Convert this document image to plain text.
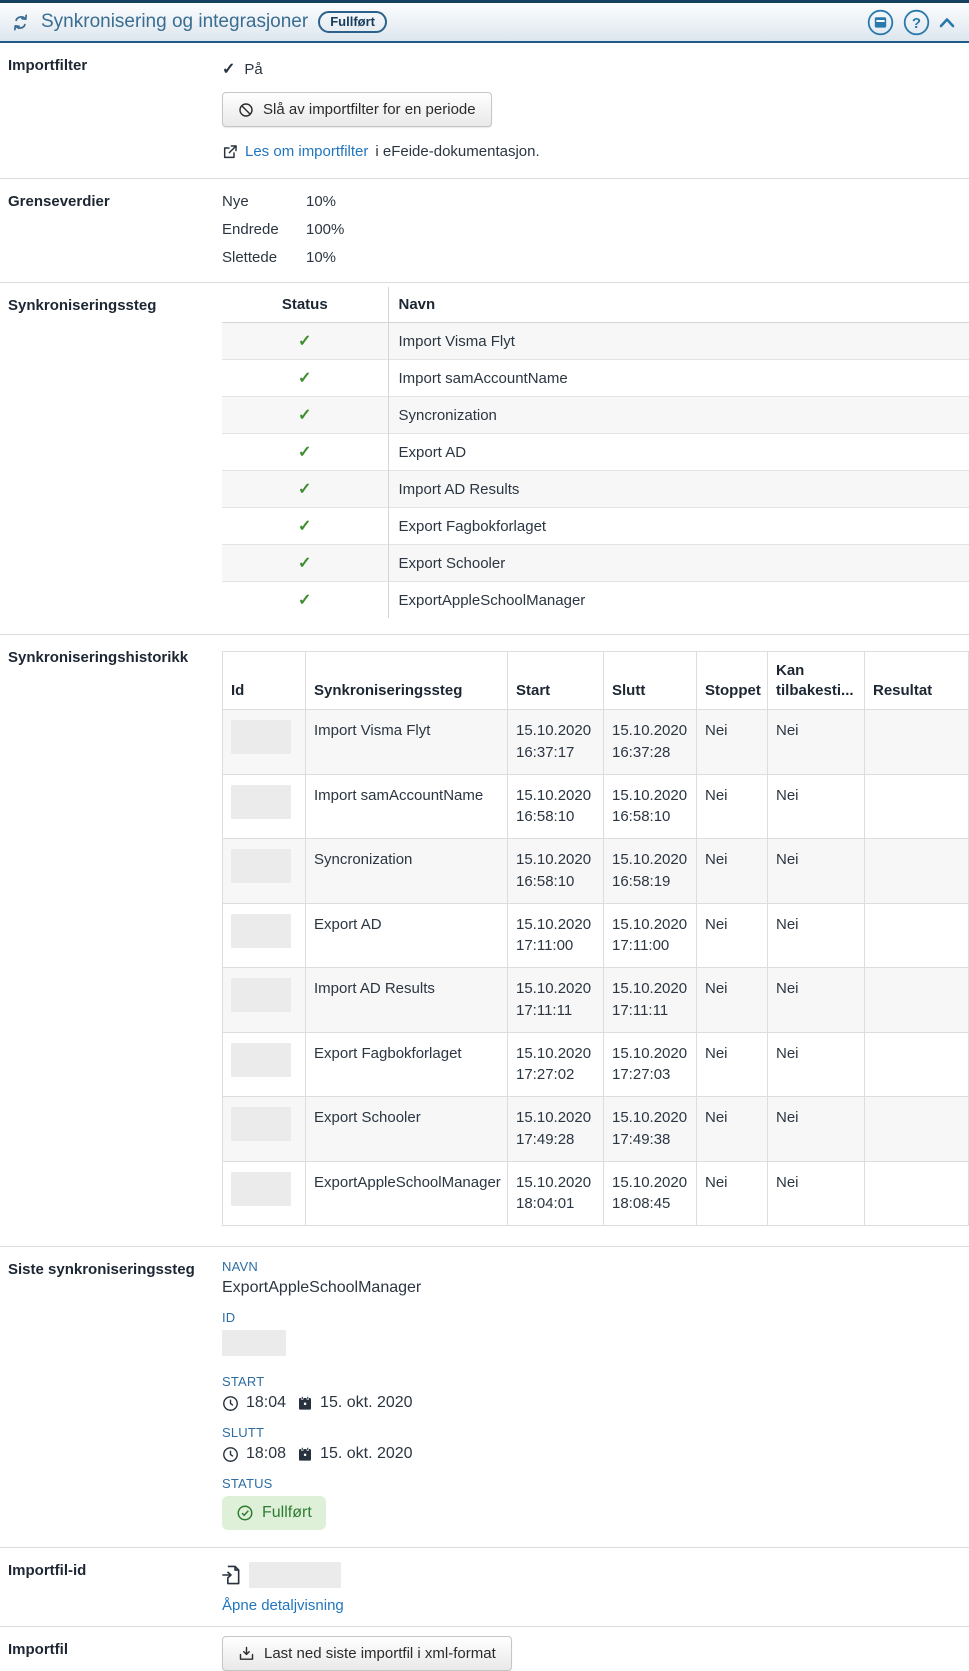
Synkronisering og integrasjoner	Fullført	?
Importfilter	✓ På
Slå av importfilter for en periode
Les om importfilter i eFeide-dokumentasjon.
Grenseverdier	Nye	10%
Endrede	100%
Slettede	10%
Synkroniseringssteg	Status	Navn
✓	Import Visma Flyt
✓	Import samAccountName
✓	Syncronization
✓	Export AD
✓	Import AD Results
✓	Export Fagbokforlaget
✓	Export Schooler
✓	ExportAppleSchoolManager
Synkroniseringshistorikk
Id	Synkroniseringssteg	Start	Slutt	Stoppet	Kan tilbakesti...	Resultat
	Import Visma Flyt	15.10.2020 16:37:17	15.10.2020 16:37:28	Nei	Nei	
	Import samAccountName	15.10.2020 16:58:10	15.10.2020 16:58:10	Nei	Nei	
	Syncronization	15.10.2020 16:58:10	15.10.2020 16:58:19	Nei	Nei	
	Export AD	15.10.2020 17:11:00	15.10.2020 17:11:00	Nei	Nei	
	Import AD Results	15.10.2020 17:11:11	15.10.2020 17:11:11	Nei	Nei	
	Export Fagbokforlaget	15.10.2020 17:27:02	15.10.2020 17:27:03	Nei	Nei	
	Export Schooler	15.10.2020 17:49:28	15.10.2020 17:49:38	Nei	Nei	
	ExportAppleSchoolManager	15.10.2020 18:04:01	15.10.2020 18:08:45	Nei	Nei	
Siste synkroniseringssteg	NAVN
ExportAppleSchoolManager
ID
START
18:04 15. okt. 2020
SLUTT
18:08 15. okt. 2020
STATUS
Fullført
Importfil-id
Åpne detaljvisning
Importfil	Last ned siste importfil i xml-format
